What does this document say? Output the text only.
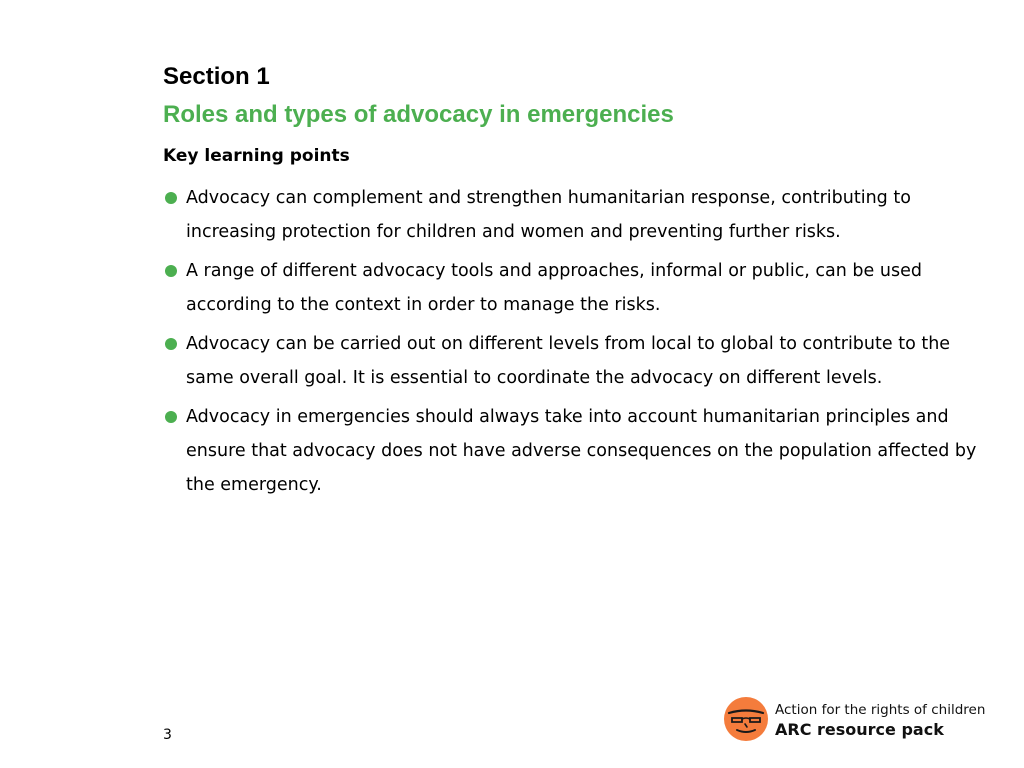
Section 1
Roles and types of advocacy in emergencies
Key learning points
Advocacy can complement and strengthen humanitarian response, contributing to increasing protection for children and women and preventing further risks.
A range of different advocacy tools and approaches, informal or public, can be used according to the context in order to manage the risks.
Advocacy can be carried out on different levels from local to global to contribute to the same overall goal. It is essential to coordinate the advocacy on different levels.
Advocacy in emergencies should always take into account humanitarian principles and ensure that advocacy does not have adverse consequences on the population affected by the emergency.
3
Action for the rights of children
ARC resource pack
